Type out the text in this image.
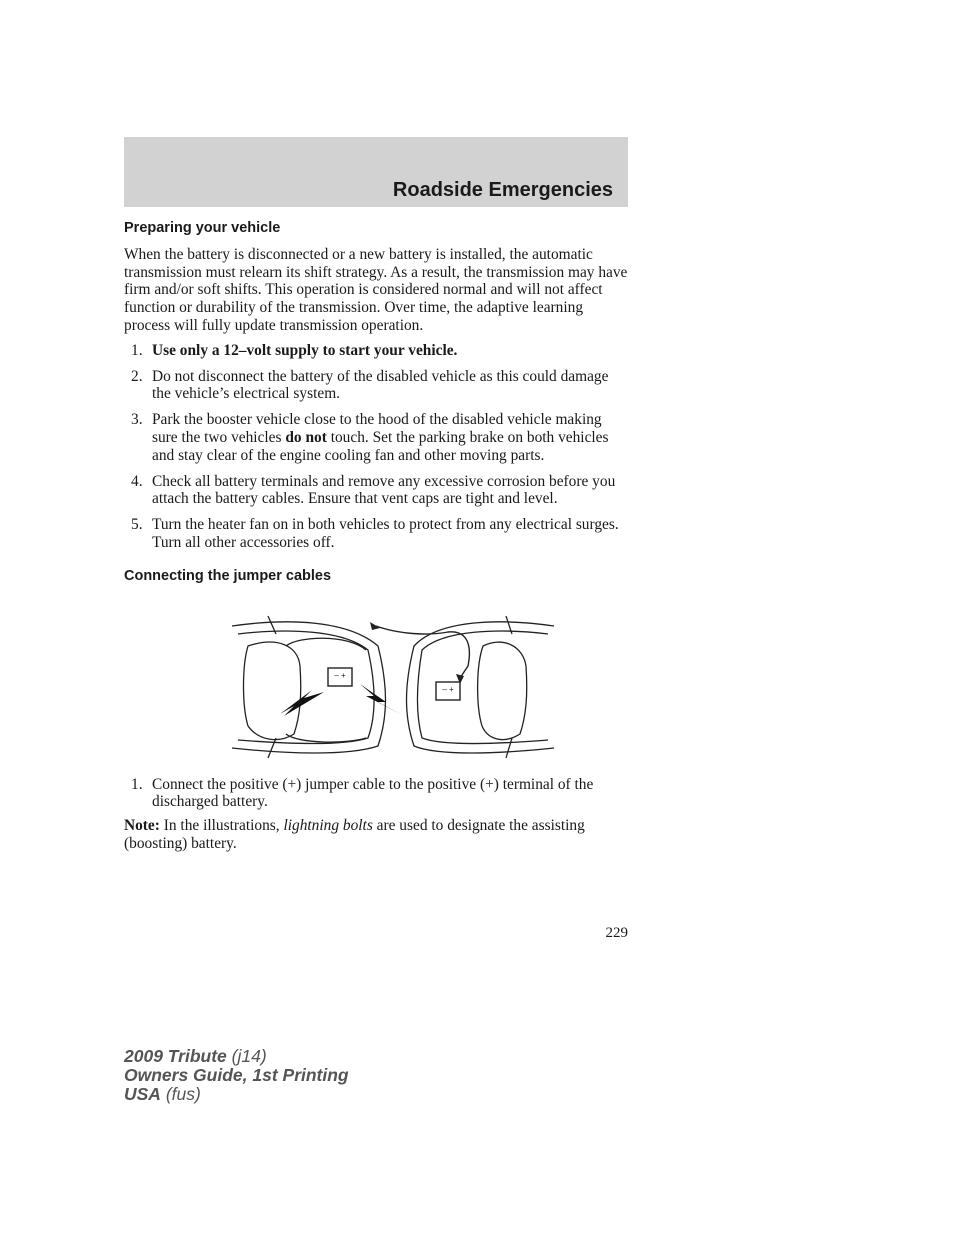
Roadside Emergencies
Preparing your vehicle

When the battery is disconnected or a new battery is installed, the automatic transmission must relearn its shift strategy. As a result, the transmission may have firm and/or soft shifts. This operation is considered normal and will not affect function or durability of the transmission. Over time, the adaptive learning process will fully update transmission operation.

1. Use only a 12–volt supply to start your vehicle.
2. Do not disconnect the battery of the disabled vehicle as this could damage the vehicle’s electrical system.
3. Park the booster vehicle close to the hood of the disabled vehicle making sure the two vehicles do not touch. Set the parking brake on both vehicles and stay clear of the engine cooling fan and other moving parts.
4. Check all battery terminals and remove any excessive corrosion before you attach the battery cables. Ensure that vent caps are tight and level.
5. Turn the heater fan on in both vehicles to protect from any electrical surges. Turn all other accessories off.
Connecting the jumper cables
– +
– +
1. Connect the positive (+) jumper cable to the positive (+) terminal of the discharged battery.

Note: In the illustrations, lightning bolts are used to designate the assisting (boosting) battery.

229
2009 Tribute (j14)
Owners Guide, 1st Printing
USA (fus)
